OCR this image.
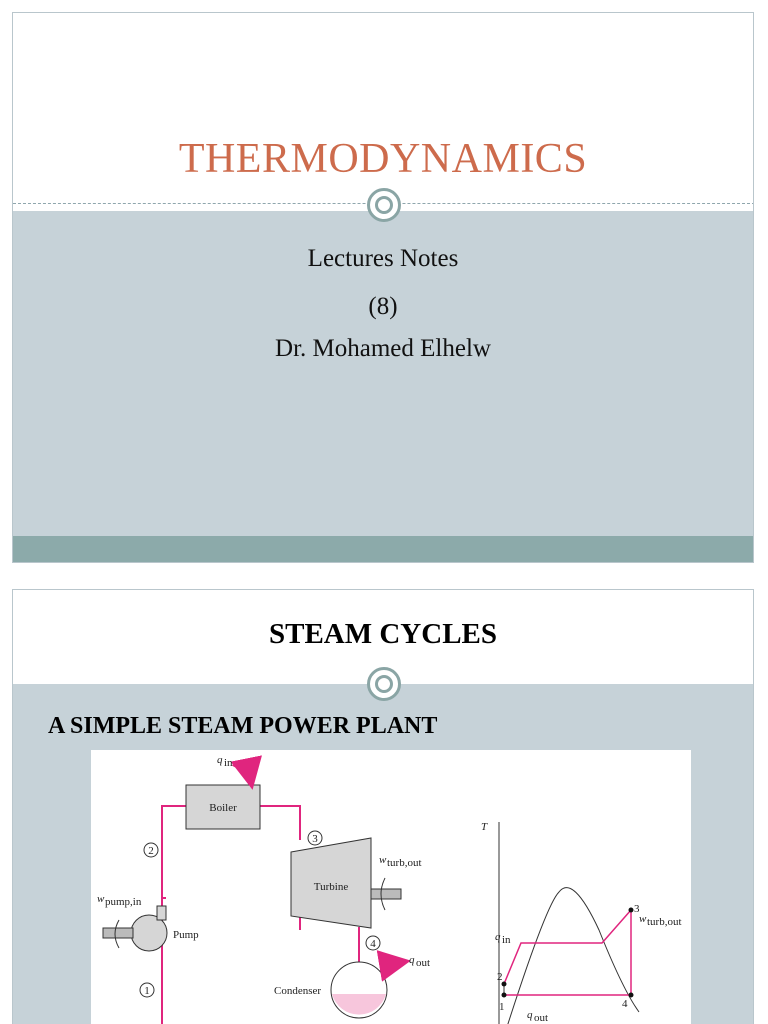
THERMODYNAMICS
Lectures Notes
(8)
Dr. Mohamed Elhelw
STEAM CYCLES
A SIMPLE STEAM POWER PLANT
Boiler
q in
Turbine
w turb,out
Pump
w pump,in
Condenser
q out
1
2
3
4
T
2
1
3
4
q in
w turb,out
q out
